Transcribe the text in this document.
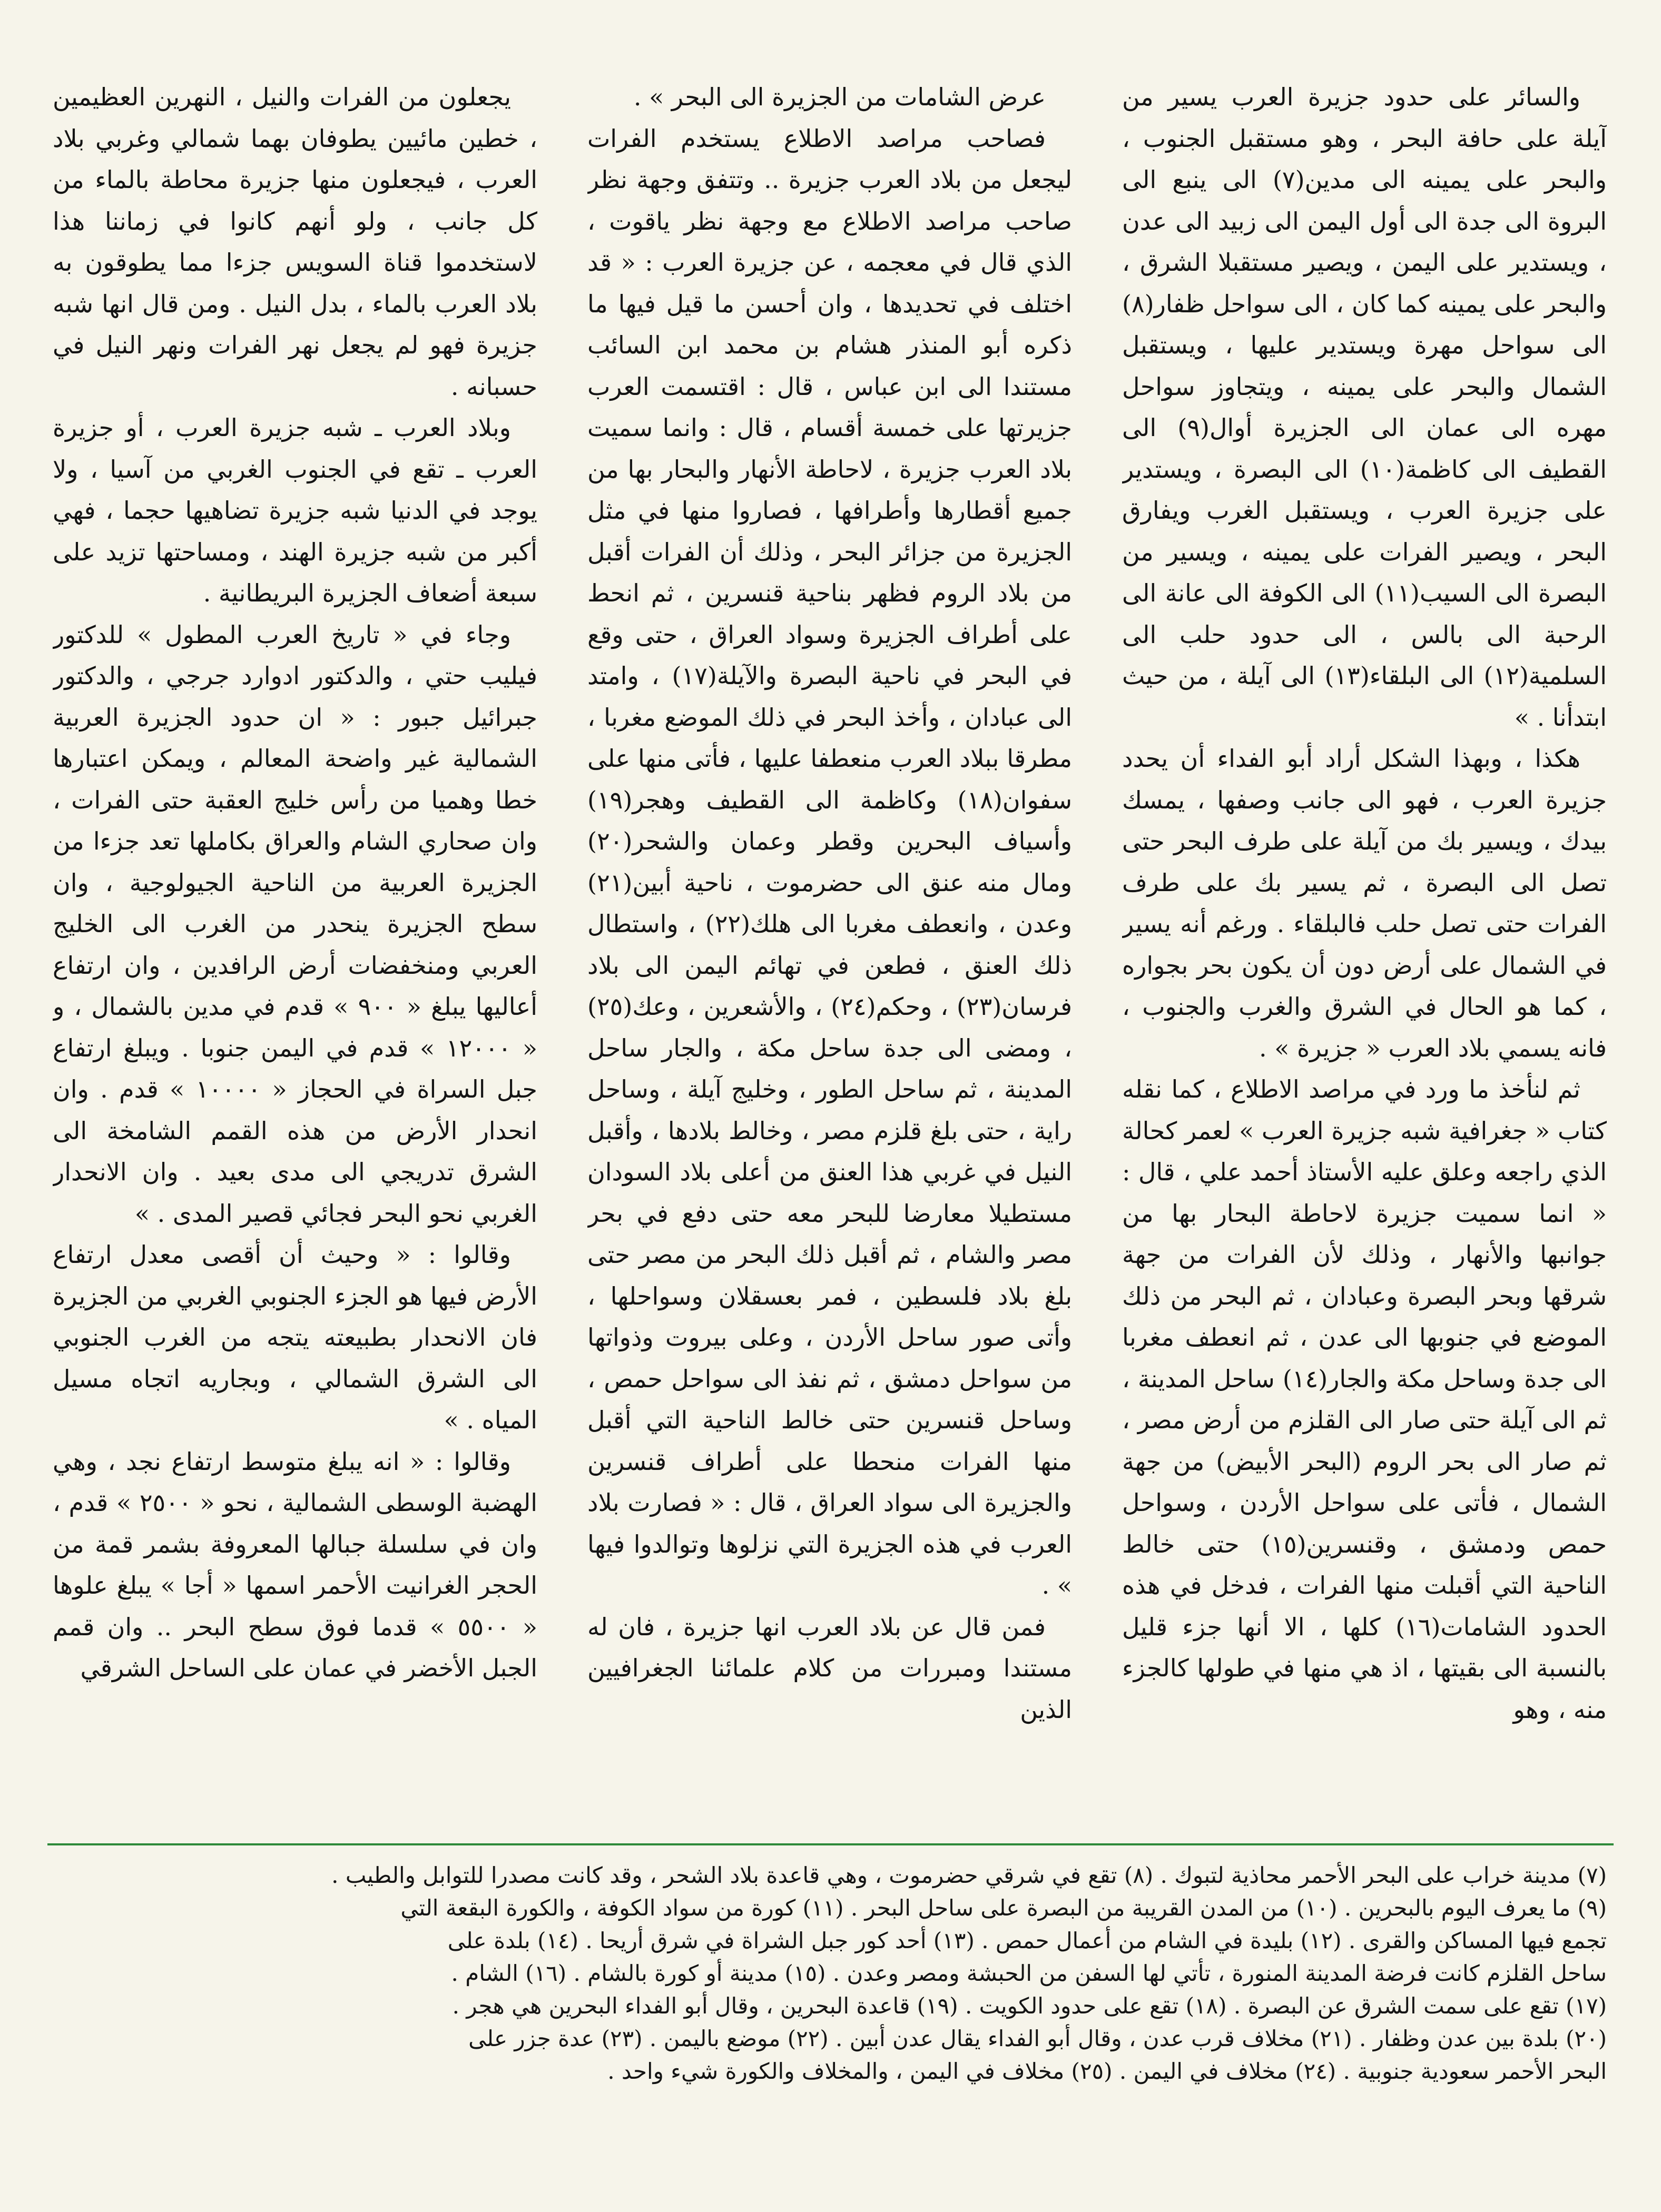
والسائر على حدود جزيرة العرب يسير من آيلة على حافة البحر ، وهو مستقبل الجنوب ، والبحر على يمينه الى مدين(٧) الى ينبع الى البروة الى جدة الى أول اليمن الى زبيد الى عدن ، ويستدير على اليمن ، ويصير مستقبلا الشرق ، والبحر على يمينه كما كان ، الى سواحل ظفار(٨) الى سواحل مهرة ويستدير عليها ، ويستقبل الشمال والبحر على يمينه ، ويتجاوز سواحل مهره الى عمان الى الجزيرة أوال(٩) الى القطيف الى كاظمة(١٠) الى البصرة ، ويستدير على جزيرة العرب ، ويستقبل الغرب ويفارق البحر ، ويصير الفرات على يمينه ، ويسير من البصرة الى السيب(١١) الى الكوفة الى عانة الى الرحبة الى بالس ، الى حدود حلب الى السلمية(١٢) الى البلقاء(١٣) الى آيلة ، من حيث ابتدأنا . »

هكذا ، وبهذا الشكل أراد أبو الفداء أن يحدد جزيرة العرب ، فهو الى جانب وصفها ، يمسك بيدك ، ويسير بك من آيلة على طرف البحر حتى تصل الى البصرة ، ثم يسير بك على طرف الفرات حتى تصل حلب فالبلقاء . ورغم أنه يسير في الشمال على أرض دون أن يكون بحر بجواره ، كما هو الحال في الشرق والغرب والجنوب ، فانه يسمي بلاد العرب « جزيرة » .

ثم لنأخذ ما ورد في مراصد الاطلاع ، كما نقله كتاب « جغرافية شبه جزيرة العرب » لعمر كحالة الذي راجعه وعلق عليه الأستاذ أحمد علي ، قال : « انما سميت جزيرة لاحاطة البحار بها من جوانبها والأنهار ، وذلك لأن الفرات من جهة شرقها وبحر البصرة وعبادان ، ثم البحر من ذلك الموضع في جنوبها الى عدن ، ثم انعطف مغربا الى جدة وساحل مكة والجار(١٤) ساحل المدينة ، ثم الى آيلة حتى صار الى القلزم من أرض مصر ، ثم صار الى بحر الروم (البحر الأبيض) من جهة الشمال ، فأتى على سواحل الأردن ، وسواحل حمص ودمشق ، وقنسرين(١٥) حتى خالط الناحية التي أقبلت منها الفرات ، فدخل في هذه الحدود الشامات(١٦) كلها ، الا أنها جزء قليل بالنسبة الى بقيتها ، اذ هي منها في طولها كالجزء منه ، وهو

عرض الشامات من الجزيرة الى البحر » .

فصاحب مراصد الاطلاع يستخدم الفرات ليجعل من بلاد العرب جزيرة .. وتتفق وجهة نظر صاحب مراصد الاطلاع مع وجهة نظر ياقوت ، الذي قال في معجمه ، عن جزيرة العرب : « قد اختلف في تحديدها ، وان أحسن ما قيل فيها ما ذكره أبو المنذر هشام بن محمد ابن السائب مستندا الى ابن عباس ، قال : اقتسمت العرب جزيرتها على خمسة أقسام ، قال : وانما سميت بلاد العرب جزيرة ، لاحاطة الأنهار والبحار بها من جميع أقطارها وأطرافها ، فصاروا منها في مثل الجزيرة من جزائر البحر ، وذلك أن الفرات أقبل من بلاد الروم فظهر بناحية قنسرين ، ثم انحط على أطراف الجزيرة وسواد العراق ، حتى وقع في البحر في ناحية البصرة والآيلة(١٧) ، وامتد الى عبادان ، وأخذ البحر في ذلك الموضع مغربا ، مطرقا ببلاد العرب منعطفا عليها ، فأتى منها على سفوان(١٨) وكاظمة الى القطيف وهجر(١٩) وأسياف البحرين وقطر وعمان والشحر(٢٠) ومال منه عنق الى حضرموت ، ناحية أبين(٢١) وعدن ، وانعطف مغربا الى هلك(٢٢) ، واستطال ذلك العنق ، فطعن في تهائم اليمن الى بلاد فرسان(٢٣) ، وحكم(٢٤) ، والأشعرين ، وعك(٢٥) ، ومضى الى جدة ساحل مكة ، والجار ساحل المدينة ، ثم ساحل الطور ، وخليج آيلة ، وساحل راية ، حتى بلغ قلزم مصر ، وخالط بلادها ، وأقبل النيل في غربي هذا العنق من أعلى بلاد السودان مستطيلا معارضا للبحر معه حتى دفع في بحر مصر والشام ، ثم أقبل ذلك البحر من مصر حتى بلغ بلاد فلسطين ، فمر بعسقلان وسواحلها ، وأتى صور ساحل الأردن ، وعلى بيروت وذواتها من سواحل دمشق ، ثم نفذ الى سواحل حمص ، وساحل قنسرين حتى خالط الناحية التي أقبل منها الفرات منحطا على أطراف قنسرين والجزيرة الى سواد العراق ، قال : « فصارت بلاد العرب في هذه الجزيرة التي نزلوها وتوالدوا فيها » .

فمن قال عن بلاد العرب انها جزيرة ، فان له مستندا ومبررات من كلام علمائنا الجغرافيين الذين

يجعلون من الفرات والنيل ، النهرين العظيمين ، خطين مائيين يطوفان بهما شمالي وغربي بلاد العرب ، فيجعلون منها جزيرة محاطة بالماء من كل جانب ، ولو أنهم كانوا في زماننا هذا لاستخدموا قناة السويس جزءا مما يطوقون به بلاد العرب بالماء ، بدل النيل . ومن قال انها شبه جزيرة فهو لم يجعل نهر الفرات ونهر النيل في حسبانه .

وبلاد العرب ـ شبه جزيرة العرب ، أو جزيرة العرب ـ تقع في الجنوب الغربي من آسيا ، ولا يوجد في الدنيا شبه جزيرة تضاهيها حجما ، فهي أكبر من شبه جزيرة الهند ، ومساحتها تزيد على سبعة أضعاف الجزيرة البريطانية .

وجاء في « تاريخ العرب المطول » للدكتور فيليب حتي ، والدكتور ادوارد جرجي ، والدكتور جبرائيل جبور : « ان حدود الجزيرة العربية الشمالية غير واضحة المعالم ، ويمكن اعتبارها خطا وهميا من رأس خليج العقبة حتى الفرات ، وان صحاري الشام والعراق بكاملها تعد جزءا من الجزيرة العربية من الناحية الجيولوجية ، وان سطح الجزيرة ينحدر من الغرب الى الخليج العربي ومنخفضات أرض الرافدين ، وان ارتفاع أعاليها يبلغ « ٩٠٠ » قدم في مدين بالشمال ، و « ١٢٠٠٠ » قدم في اليمن جنوبا . ويبلغ ارتفاع جبل السراة في الحجاز « ١٠٠٠٠ » قدم . وان انحدار الأرض من هذه القمم الشامخة الى الشرق تدريجي الى مدى بعيد . وان الانحدار الغربي نحو البحر فجائي قصير المدى . »

وقالوا : « وحيث أن أقصى معدل ارتفاع الأرض فيها هو الجزء الجنوبي الغربي من الجزيرة فان الانحدار بطبيعته يتجه من الغرب الجنوبي الى الشرق الشمالي ، وبجاريه اتجاه مسيل المياه . »

وقالوا : « انه يبلغ متوسط ارتفاع نجد ، وهي الهضبة الوسطى الشمالية ، نحو « ٢٥٠٠ » قدم ، وان في سلسلة جبالها المعروفة بشمر قمة من الحجر الغرانيت الأحمر اسمها « أجا » يبلغ علوها « ٥٥٠٠ » قدما فوق سطح البحر .. وان قمم الجبل الأخضر في عمان على الساحل الشرقي

(٧) مدينة خراب على البحر الأحمر محاذية لتبوك . (٨) تقع في شرقي حضرموت ، وهي قاعدة بلاد الشحر ، وقد كانت مصدرا للتوابل والطيب .
(٩) ما يعرف اليوم بالبحرين . (١٠) من المدن القريبة من البصرة على ساحل البحر . (١١) كورة من سواد الكوفة ، والكورة البقعة التي
تجمع فيها المساكن والقرى . (١٢) بليدة في الشام من أعمال حمص . (١٣) أحد كور جبل الشراة في شرق أريحا . (١٤) بلدة على
ساحل القلزم كانت فرضة المدينة المنورة ، تأتي لها السفن من الحبشة ومصر وعدن . (١٥) مدينة أو كورة بالشام . (١٦) الشام .
(١٧) تقع على سمت الشرق عن البصرة . (١٨) تقع على حدود الكويت . (١٩) قاعدة البحرين ، وقال أبو الفداء البحرين هي هجر .
(٢٠) بلدة بين عدن وظفار . (٢١) مخلاف قرب عدن ، وقال أبو الفداء يقال عدن أبين . (٢٢) موضع باليمن . (٢٣) عدة جزر على
البحر الأحمر سعودية جنوبية . (٢٤) مخلاف في اليمن . (٢٥) مخلاف في اليمن ، والمخلاف والكورة شيء واحد .
